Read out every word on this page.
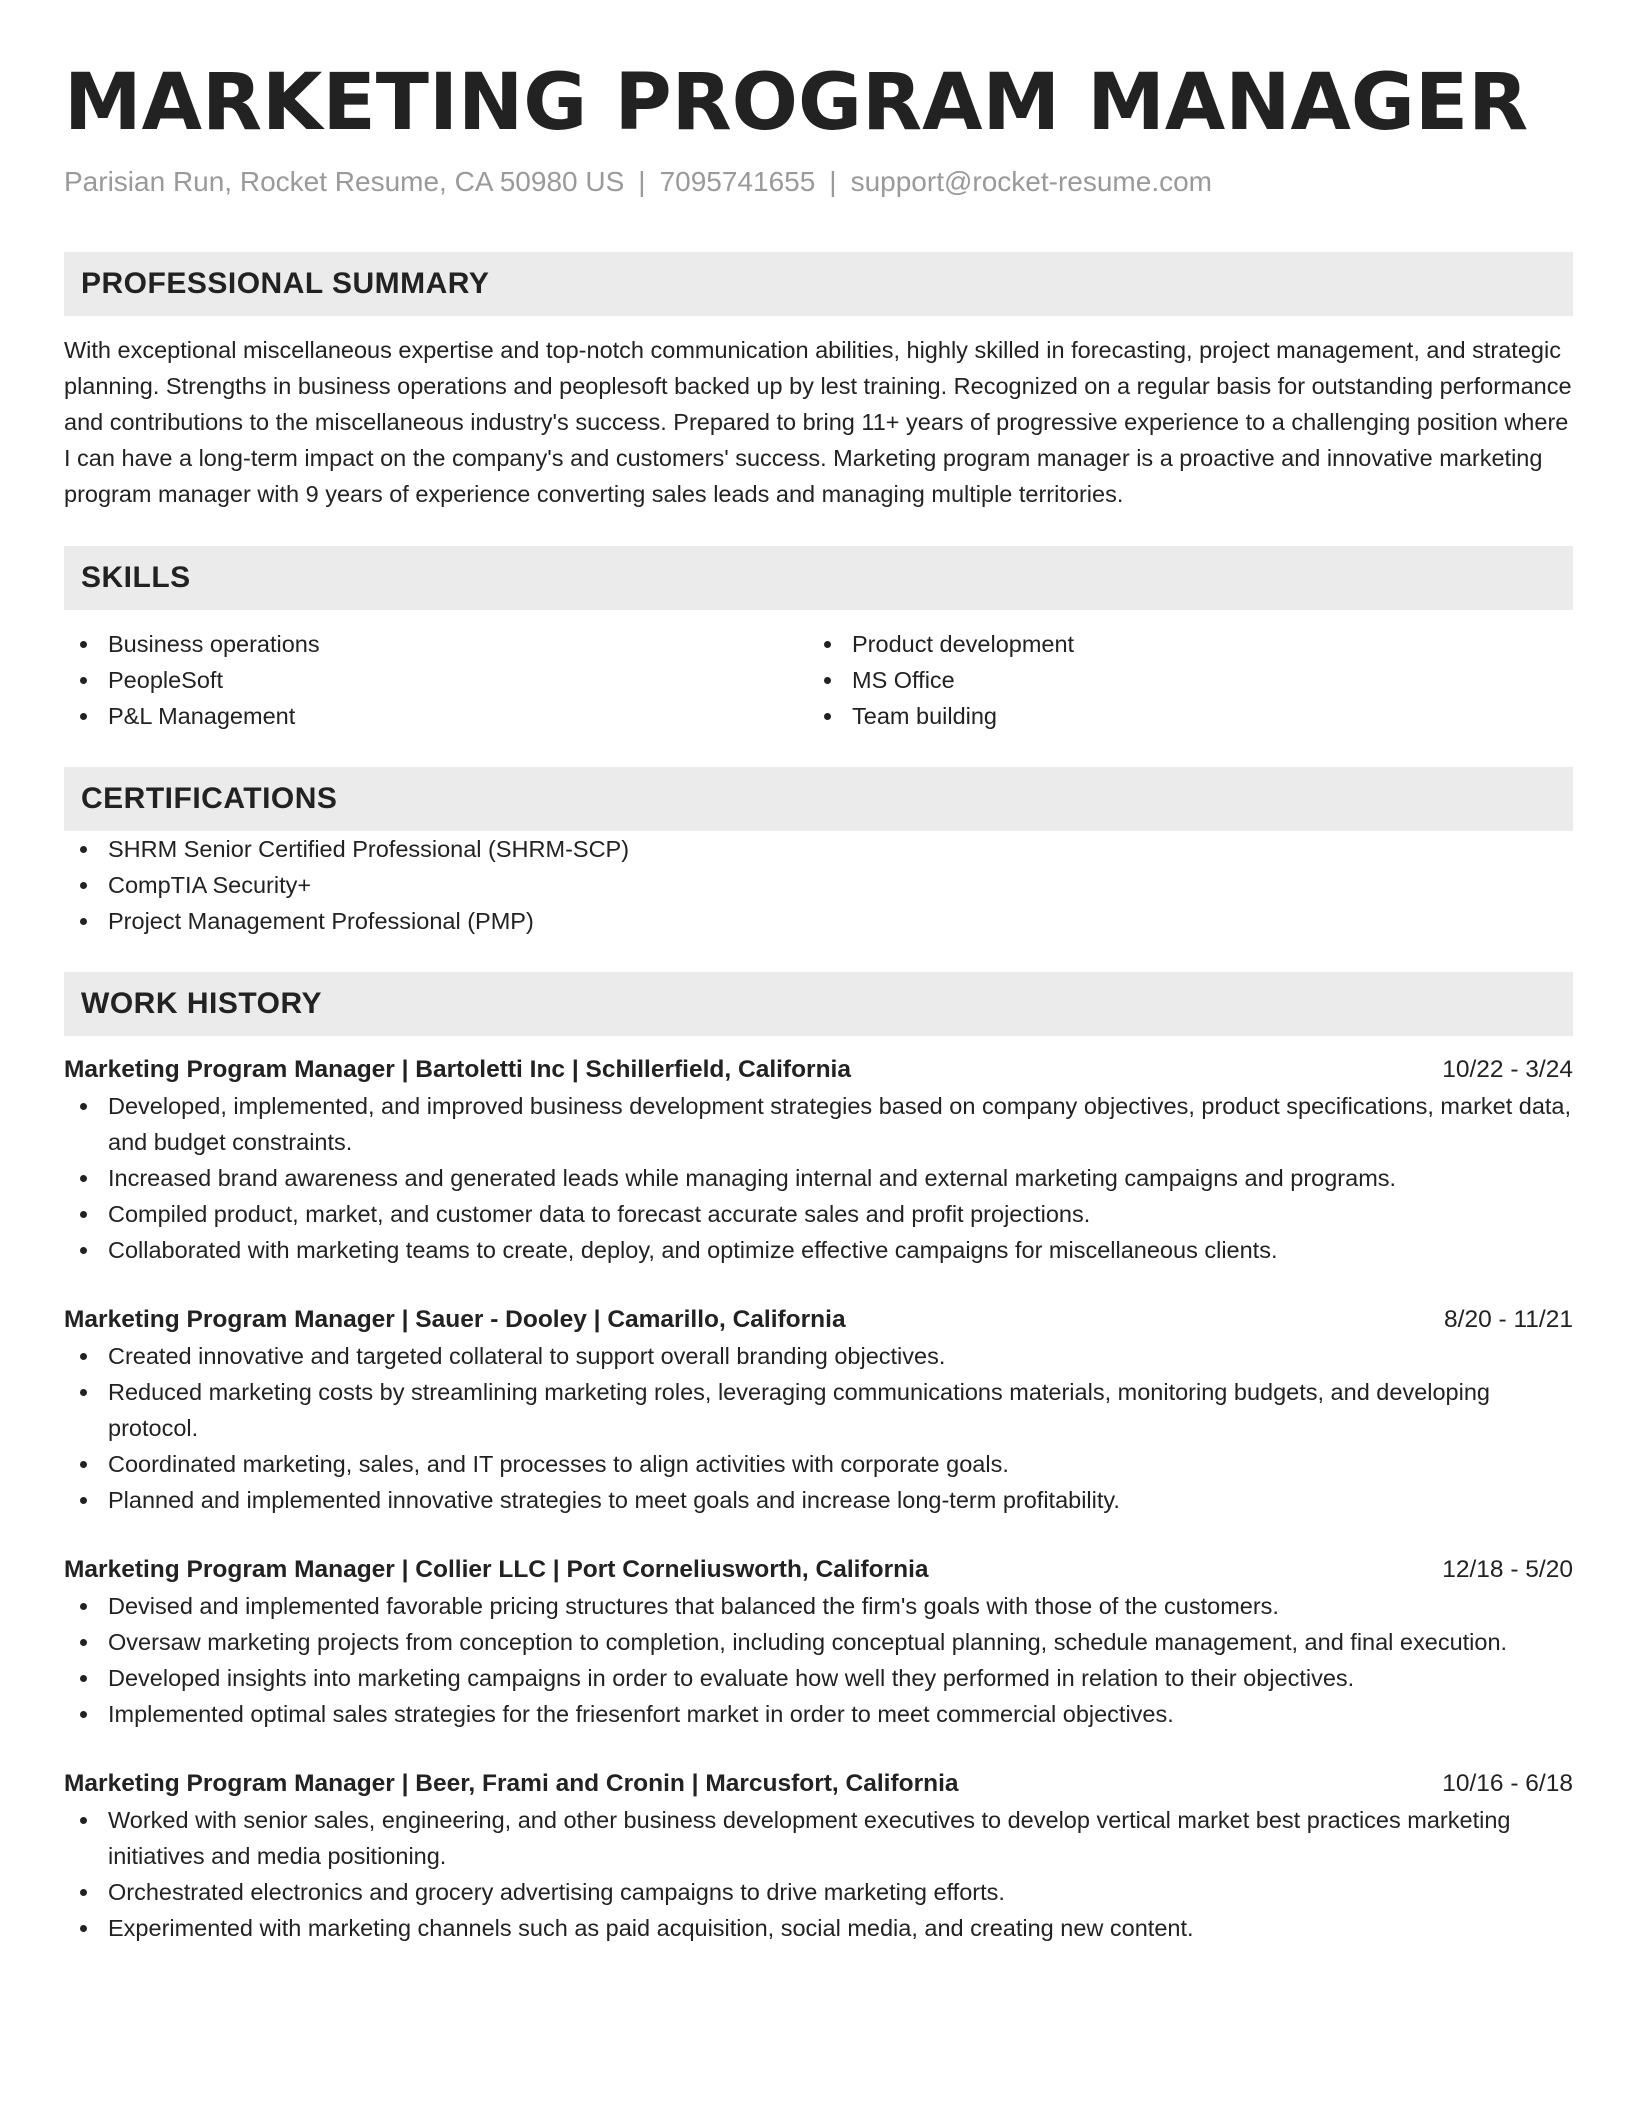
MARKETING PROGRAM MANAGER
Parisian Run, Rocket Resume, CA 50980 US | 7095741655 | support@rocket-resume.com
PROFESSIONAL SUMMARY
With exceptional miscellaneous expertise and top-notch communication abilities, highly skilled in forecasting, project management, and strategic planning. Strengths in business operations and peoplesoft backed up by lest training. Recognized on a regular basis for outstanding performance and contributions to the miscellaneous industry's success. Prepared to bring 11+ years of progressive experience to a challenging position where I can have a long-term impact on the company's and customers' success. Marketing program manager is a proactive and innovative marketing program manager with 9 years of experience converting sales leads and managing multiple territories.
SKILLS
Business operations
PeopleSoft
P&L Management
Product development
MS Office
Team building
CERTIFICATIONS
SHRM Senior Certified Professional (SHRM-SCP)
CompTIA Security+
Project Management Professional (PMP)
WORK HISTORY
Marketing Program Manager | Bartoletti Inc | Schillerfield, California	10/22 - 3/24
Developed, implemented, and improved business development strategies based on company objectives, product specifications, market data, and budget constraints.
Increased brand awareness and generated leads while managing internal and external marketing campaigns and programs.
Compiled product, market, and customer data to forecast accurate sales and profit projections.
Collaborated with marketing teams to create, deploy, and optimize effective campaigns for miscellaneous clients.
Marketing Program Manager | Sauer - Dooley | Camarillo, California	8/20 - 11/21
Created innovative and targeted collateral to support overall branding objectives.
Reduced marketing costs by streamlining marketing roles, leveraging communications materials, monitoring budgets, and developing protocol.
Coordinated marketing, sales, and IT processes to align activities with corporate goals.
Planned and implemented innovative strategies to meet goals and increase long-term profitability.
Marketing Program Manager | Collier LLC | Port Corneliusworth, California	12/18 - 5/20
Devised and implemented favorable pricing structures that balanced the firm's goals with those of the customers.
Oversaw marketing projects from conception to completion, including conceptual planning, schedule management, and final execution.
Developed insights into marketing campaigns in order to evaluate how well they performed in relation to their objectives.
Implemented optimal sales strategies for the friesenfort market in order to meet commercial objectives.
Marketing Program Manager | Beer, Frami and Cronin | Marcusfort, California	10/16 - 6/18
Worked with senior sales, engineering, and other business development executives to develop vertical market best practices marketing initiatives and media positioning.
Orchestrated electronics and grocery advertising campaigns to drive marketing efforts.
Experimented with marketing channels such as paid acquisition, social media, and creating new content.
